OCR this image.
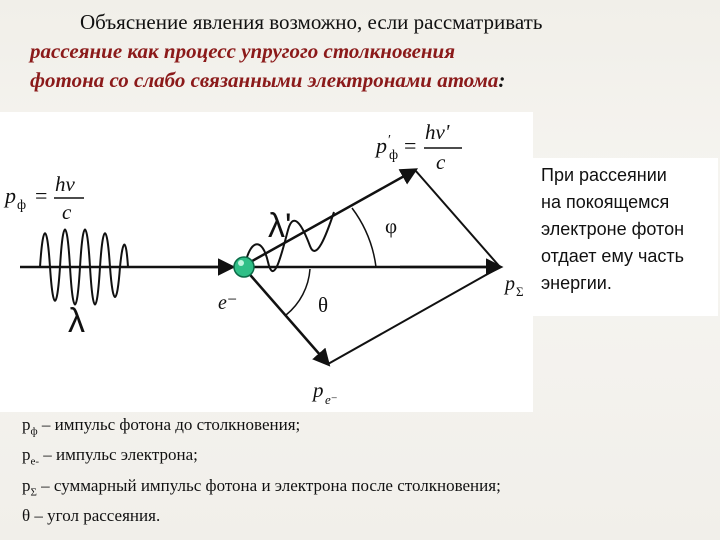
Объяснение явления возможно, если рассматривать
рассеяние как процесс упругого столкновения
фотона со слабо связанными электронами атома:
p ф = hν
c
p ′
ф =
hν'
c
λ'
λ
φ
θ
e⁻
p Σ
p e⁻
При рассеянии
на покоящемся
электроне фотон
отдает ему часть
энергии.
$p_ф$ – импульс фотона до столкновения;
$p_{e-}$ – импульс электрона;
$p_\Sigma$ – суммарный импульс фотона и электрона после столкновения;
θ – угол рассеяния.
